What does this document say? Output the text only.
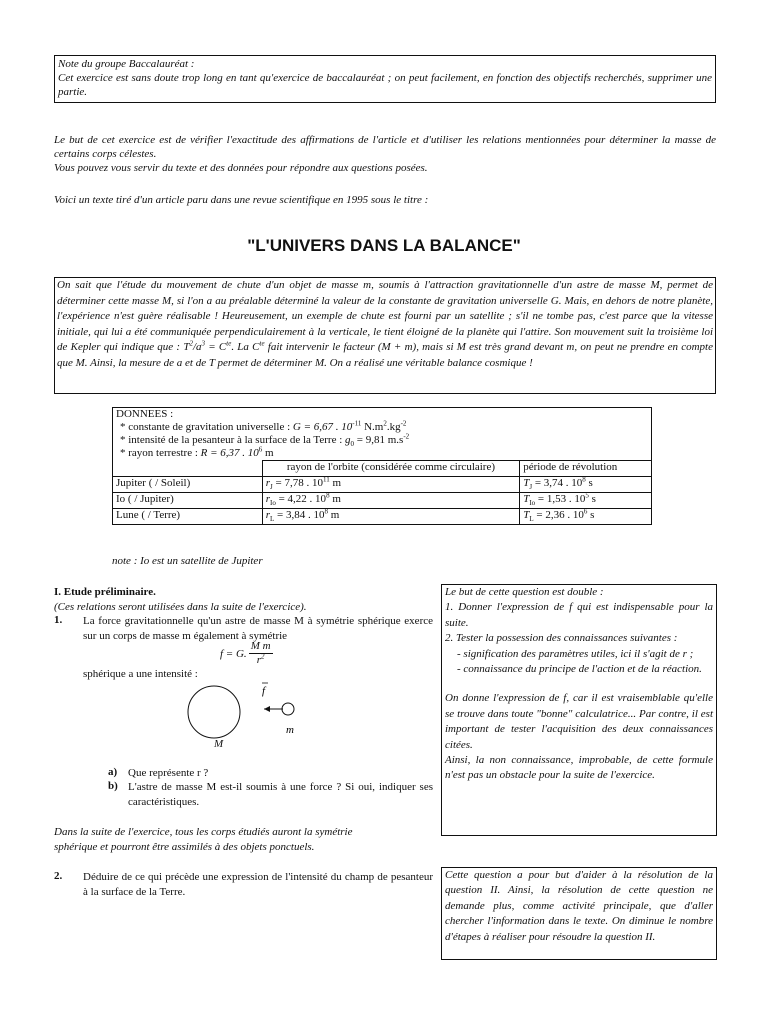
Note du groupe Baccalauréat :
Cet exercice est sans doute trop long en tant qu'exercice de baccalauréat ; on peut facilement, en fonction des objectifs recherchés, supprimer une partie.
Le but de cet exercice est de vérifier l'exactitude des affirmations de l'article et d'utiliser les relations mentionnées pour déterminer la masse de certains corps célestes.
Vous pouvez vous servir du texte et des données pour répondre aux questions posées.
Voici un texte tiré d'un article paru dans une revue scientifique en 1995 sous le titre :
"L'UNIVERS DANS LA BALANCE"
On sait que l'étude du mouvement de chute d'un objet de masse m, soumis à l'attraction gravitationnelle d'un astre de masse M, permet de déterminer cette masse M, si l'on a au préalable déterminé la valeur de la constante de gravitation universelle G. Mais, en dehors de notre planète, l'expérience n'est guère réalisable ! Heureusement, un exemple de chute est fourni par un satellite ; s'il ne tombe pas, c'est parce que la vitesse initiale, qui lui a été communiquée perpendiculairement à la verticale, le tient éloigné de la planète qui l'attire. Son mouvement suit la troisième loi de Kepler qui indique que : $T^2/a^3 = C^{te}$. La $C^{te}$ fait intervenir le facteur (M + m), mais si M est très grand devant m, on peut ne prendre en compte que M. Ainsi, la mesure de a et de T permet de déterminer M. On a réalisé une véritable balance cosmique !
DONNEES :
* constante de gravitation universelle : G = 6,67 . $10^{-11}$ $N.m^2.kg^{-2}$
* intensité de la pesanteur à la surface de la Terre : $g_0 = 9,81$ $m.s^{-2}$
* rayon terrestre : R = 6,37 . $10^6$ m		

	rayon de l'orbite (considérée comme circulaire)	période de révolution
Jupiter ( / Soleil)	$r_J = 7,78$ . $10^{11}$ m	$T_J = 3,74$ . $10^8$ s
Io ( / Jupiter)	$r_{Io} = 4,22$ . $10^8$ m	$T_{Io} = 1,53$ . $10^5$ s
Lune ( / Terre)	$r_L = 3,84$ . $10^8$ m	$T_L = 2,36$ . $10^6$ s
note : Io est un satellite de Jupiter
I. Etude préliminaire.
(Ces relations seront utilisées dans la suite de l'exercice).
1. La force gravitationnelle qu'un astre de masse M à symétrie sphérique exerce sur un corps de masse m également à symétrie
sphérique a une intensité :
f = G. $\frac{\text{M m}}{r^2}$
f
m
M
a) Que représente r ?
b) L'astre de masse M est-il soumis à une force ? Si oui, indiquer ses caractéristiques.
Dans la suite de l'exercice, tous les corps étudiés auront la symétrie sphérique et pourront être assimilés à des objets ponctuels.
2. Déduire de ce qui précède une expression de l'intensité du champ de pesanteur à la surface de la Terre.
Le but de cette question est double :
1. Donner l'expression de f qui est indispensable pour la suite.
2. Tester la possession des connaissances suivantes :
- signification des paramètres utiles, ici il s'agit de r ;
- connaissance du principe de l'action et de la réaction.
On donne l'expression de f, car il est vraisemblable qu'elle se trouve dans toute "bonne" calculatrice... Par contre, il est important de tester l'acquisition des deux connaissances citées.
Ainsi, la non connaissance, improbable, de cette formule n'est pas un obstacle pour la suite de l'exercice.
Cette question a pour but d'aider à la résolution de la question II. Ainsi, la résolution de cette question ne demande plus, comme activité principale, que d'aller chercher l'information dans le texte. On diminue le nombre d'étapes à réaliser pour résoudre la question II.
